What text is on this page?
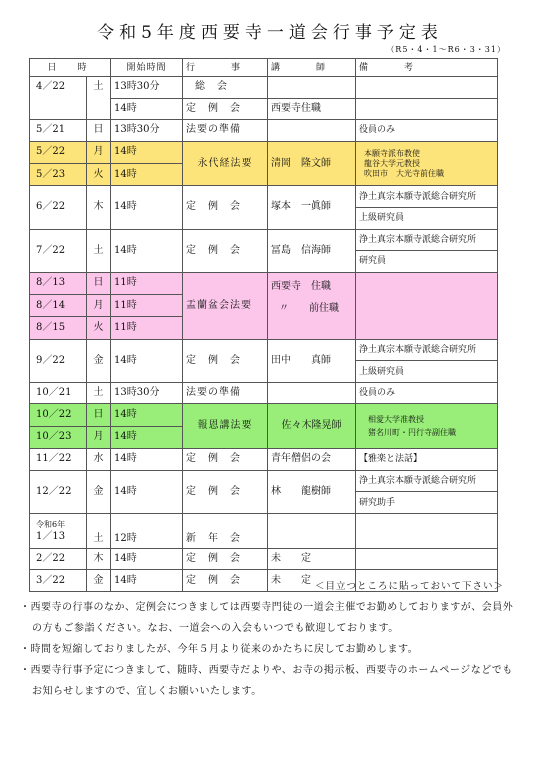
令和5年度西要寺一道会行事予定表
（R5・4・1〜R6・3・31）
日　時		開始時間	行　　事	講　　師	備　　考
4／22	土	13時30分	総　会		
		14時	定　例　会	西要寺住職	
5／21	日	13時30分	法要の準備		役員のみ
5／22	月	14時	永代経法要	清岡　隆文師	本願寺派布教使
龍谷大学元教授
吹田市　大光寺前住職

5／23	火	14時			
6／22	木	14時	定　例　会	塚本　一眞師	浄土真宗本願寺派総合研究所
					上級研究員
7／22	土	14時	定　例　会	冨島　信海師	浄土真宗本願寺派総合研究所
					研究員
8／13	日	11時	盂蘭盆会法要	西要寺　住職
〃　　前住職	

8／14	月	11時			
8／15	火	11時			
9／22	金	14時	定　例　会	田中　　真師	浄土真宗本願寺派総合研究所
					上級研究員
10／21	土	13時30分	法要の準備		役員のみ
10／22	日	14時	報恩講法要	佐々木隆晃師	相愛大学准教授
猪名川町・円行寺副住職

10／23	月	14時			
11／22	水	14時	定　例　会	青年僧侶の会	【雅楽と法話】
12／22	金	14時	定　例　会	林　　龍樹師	浄土真宗本願寺派総合研究所
					研究助手

令和6年
1／13	土	12時	新　年　会		
2／22	木	14時	定　例　会	未　　定	
3／22	金	14時	定　例　会	未　　定	
＜目立つところに貼っておいて下さい＞

・西要寺の行事のなか、定例会につきましては西要寺門徒の一道会主催でお勤めしておりますが、会員外の方もご参詣ください。なお、一道会への入会もいつでも歓迎しております。

・時間を短縮しておりましたが、今年５月より従来のかたちに戻してお勤めします。

・西要寺行事予定につきまして、随時、西要寺だよりや、お寺の掲示板、西要寺のホームページなどでもお知らせしますので、宜しくお願いいたします。
